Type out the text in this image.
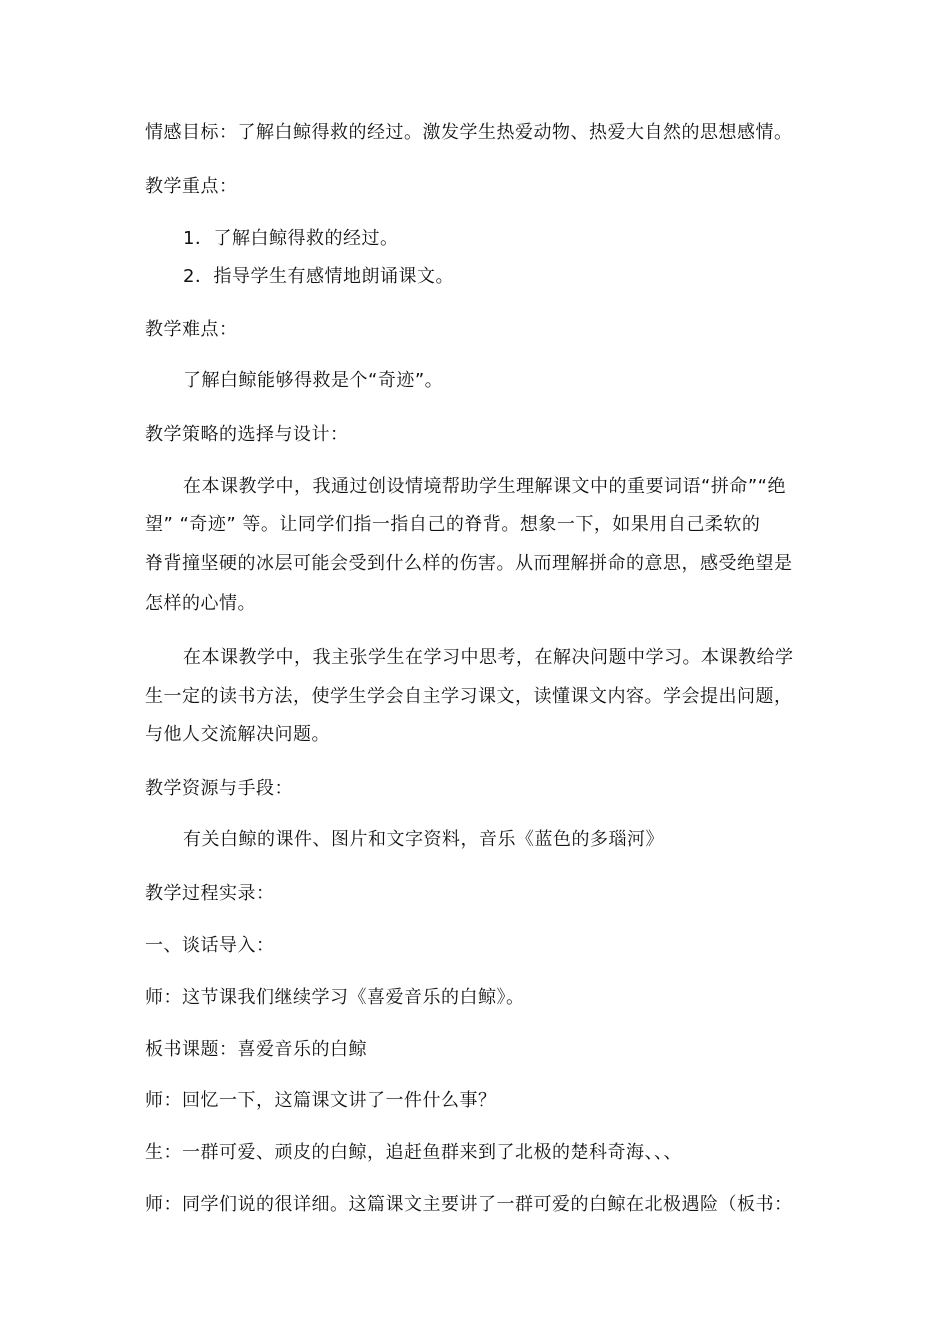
情感目标：了解白鲸得救的经过。激发学生热爱动物、热爱大自然的思想感情。
教学重点：
1．了解白鲸得救的经过。
2．指导学生有感情地朗诵课文。
教学难点：
了解白鲸能够得救是个“奇迹”。
教学策略的选择与设计：
在本课教学中，我通过创设情境帮助学生理解课文中的重要词语“拼命”“绝
望” “奇迹” 等。让同学们指一指自己的脊背。想象一下，如果用自己柔软的
脊背撞坚硬的冰层可能会受到什么样的伤害。从而理解拼命的意思，感受绝望是
怎样的心情。
在本课教学中，我主张学生在学习中思考，在解决问题中学习。本课教给学
生一定的读书方法，使学生学会自主学习课文，读懂课文内容。学会提出问题，
与他人交流解决问题。
教学资源与手段：
有关白鲸的课件、图片和文字资料，音乐《蓝色的多瑙河》
教学过程实录：
一、谈话导入：
师：这节课我们继续学习《喜爱音乐的白鲸》。
板书课题：喜爱音乐的白鲸
师：回忆一下，这篇课文讲了一件什么事？
生：一群可爱、顽皮的白鲸，追赶鱼群来到了北极的楚科奇海、、、
师：同学们说的很详细。这篇课文主要讲了一群可爱的白鲸在北极遇险（板书：
